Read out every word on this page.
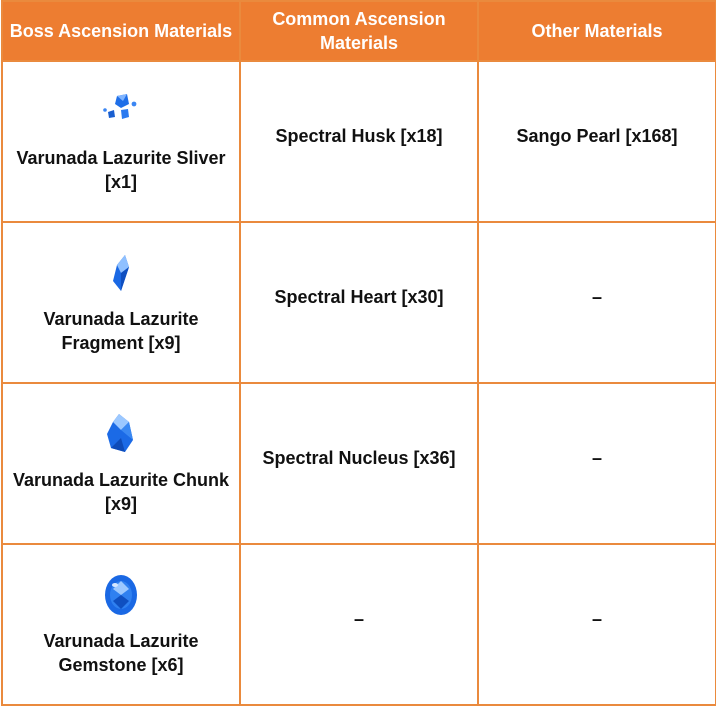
Boss Ascension Materials	Common Ascension Materials	Other Materials

Varunada Lazurite Sliver [x1]	Spectral Husk [x18]	Sango Pearl [x168]

Varunada Lazurite Fragment [x9]	Spectral Heart [x30]	–

Varunada Lazurite Chunk [x9]	Spectral Nucleus [x36]	–

Varunada Lazurite Gemstone [x6]	–	–
